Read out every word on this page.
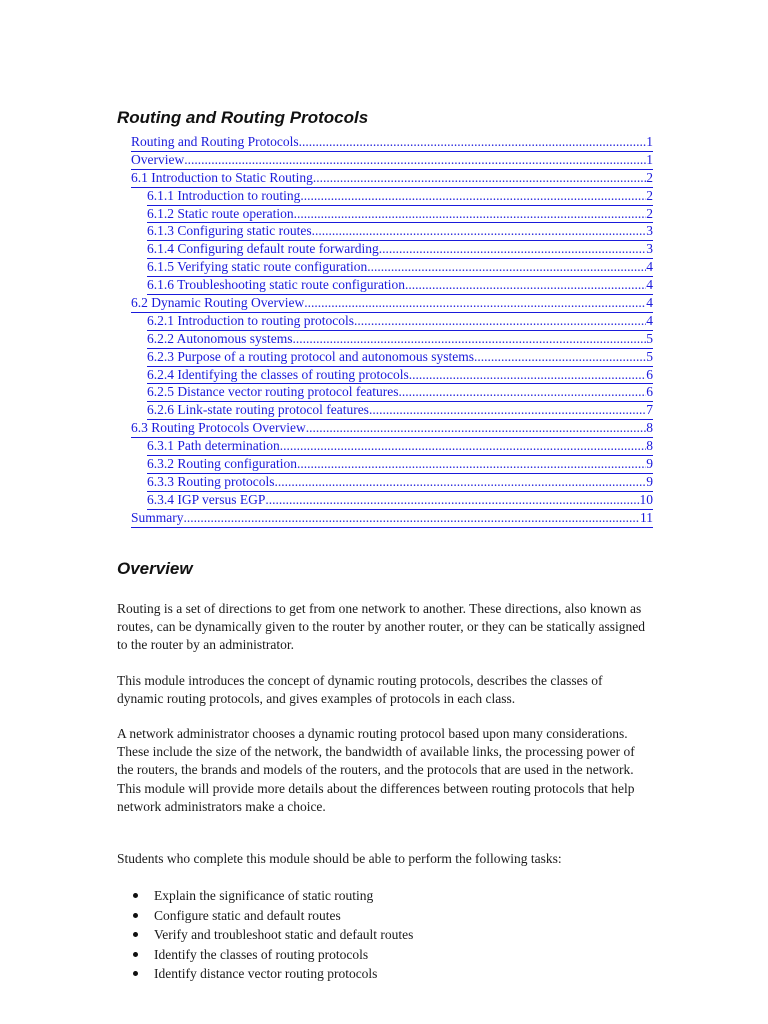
Routing and Routing Protocols
Routing and Routing Protocols .....	1
Overview .....	1
6.1 Introduction to Static Routing .....	2
6.1.1 Introduction to routing .....	2
6.1.2 Static route operation .....	2
6.1.3 Configuring static routes .....	3
6.1.4 Configuring default route forwarding .....	3
6.1.5 Verifying static route configuration .....	4
6.1.6 Troubleshooting static route configuration .....	4
6.2 Dynamic Routing Overview .....	4
6.2.1 Introduction to routing protocols .....	4
6.2.2 Autonomous systems .....	5
6.2.3 Purpose of a routing protocol and autonomous systems .....	5
6.2.4 Identifying the classes of routing protocols .....	6
6.2.5 Distance vector routing protocol features .....	6
6.2.6 Link-state routing protocol features .....	7
6.3 Routing Protocols Overview .....	8
6.3.1 Path determination .....	8
6.3.2 Routing configuration .....	9
6.3.3 Routing protocols .....	9
6.3.4 IGP versus EGP .....	10
Summary .....	11
Overview

Routing is a set of directions to get from one network to another. These directions, also known as routes, can be dynamically given to the router by another router, or they can be statically assigned to the router by an administrator.

This module introduces the concept of dynamic routing protocols, describes the classes of dynamic routing protocols, and gives examples of protocols in each class.

A network administrator chooses a dynamic routing protocol based upon many considerations. These include the size of the network, the bandwidth of available links, the processing power of the routers, the brands and models of the routers, and the protocols that are used in the network. This module will provide more details about the differences between routing protocols that help network administrators make a choice.

Students who complete this module should be able to perform the following tasks:

Explain the significance of static routing
Configure static and default routes
Verify and troubleshoot static and default routes
Identify the classes of routing protocols
Identify distance vector routing protocols
